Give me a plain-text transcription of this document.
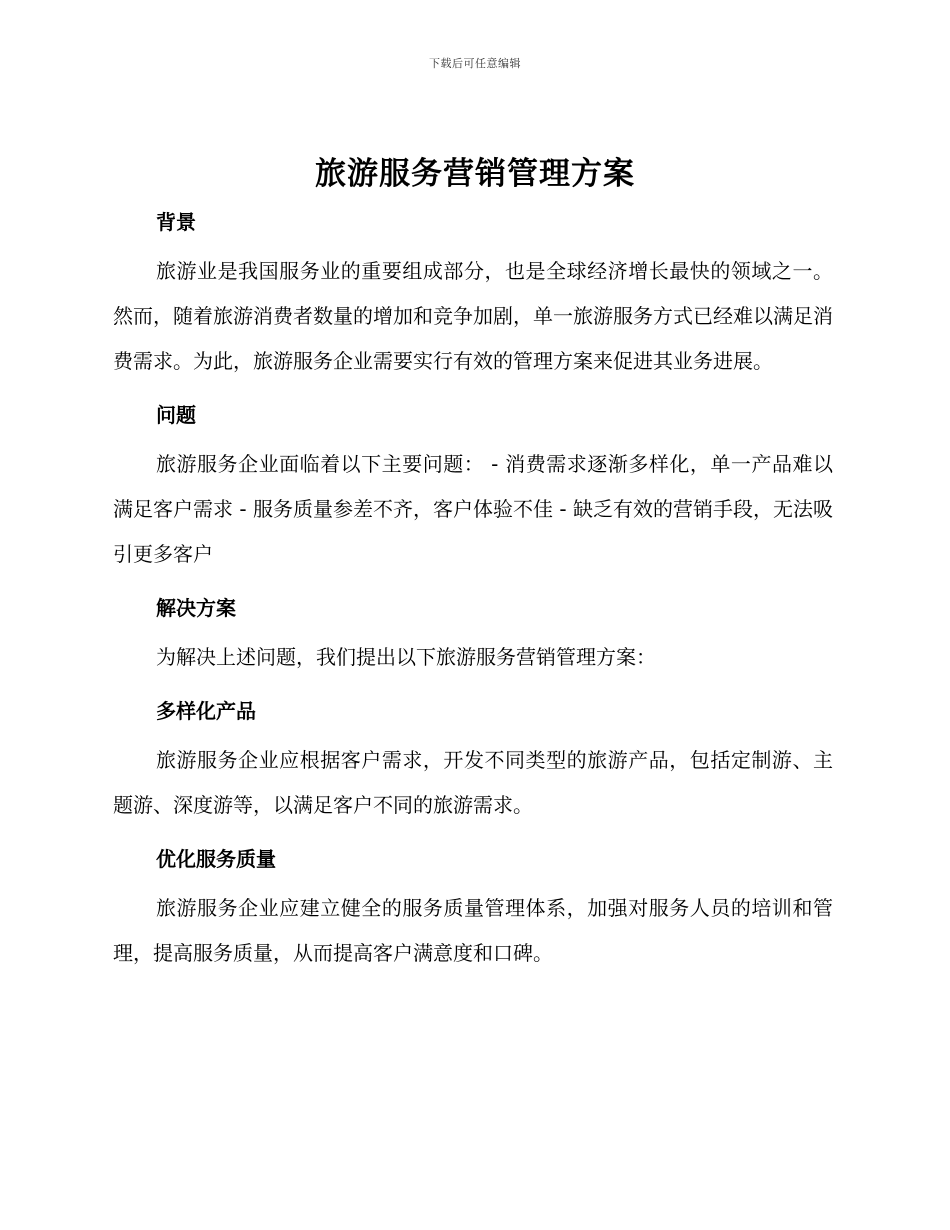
下载后可任意编辑
旅游服务营销管理方案
背景

旅游业是我国服务业的重要组成部分，也是全球经济增长最快的领域之一。然而，随着旅游消费者数量的增加和竞争加剧，单一旅游服务方式已经难以满足消费需求。为此，旅游服务企业需要实行有效的管理方案来促进其业务进展。

问题

旅游服务企业面临着以下主要问题： - 消费需求逐渐多样化，单一产品难以满足客户需求 - 服务质量参差不齐，客户体验不佳 - 缺乏有效的营销手段，无法吸引更多客户

解决方案

为解决上述问题，我们提出以下旅游服务营销管理方案：

多样化产品

旅游服务企业应根据客户需求，开发不同类型的旅游产品，包括定制游、主题游、深度游等，以满足客户不同的旅游需求。

优化服务质量

旅游服务企业应建立健全的服务质量管理体系，加强对服务人员的培训和管理，提高服务质量，从而提高客户满意度和口碑。
